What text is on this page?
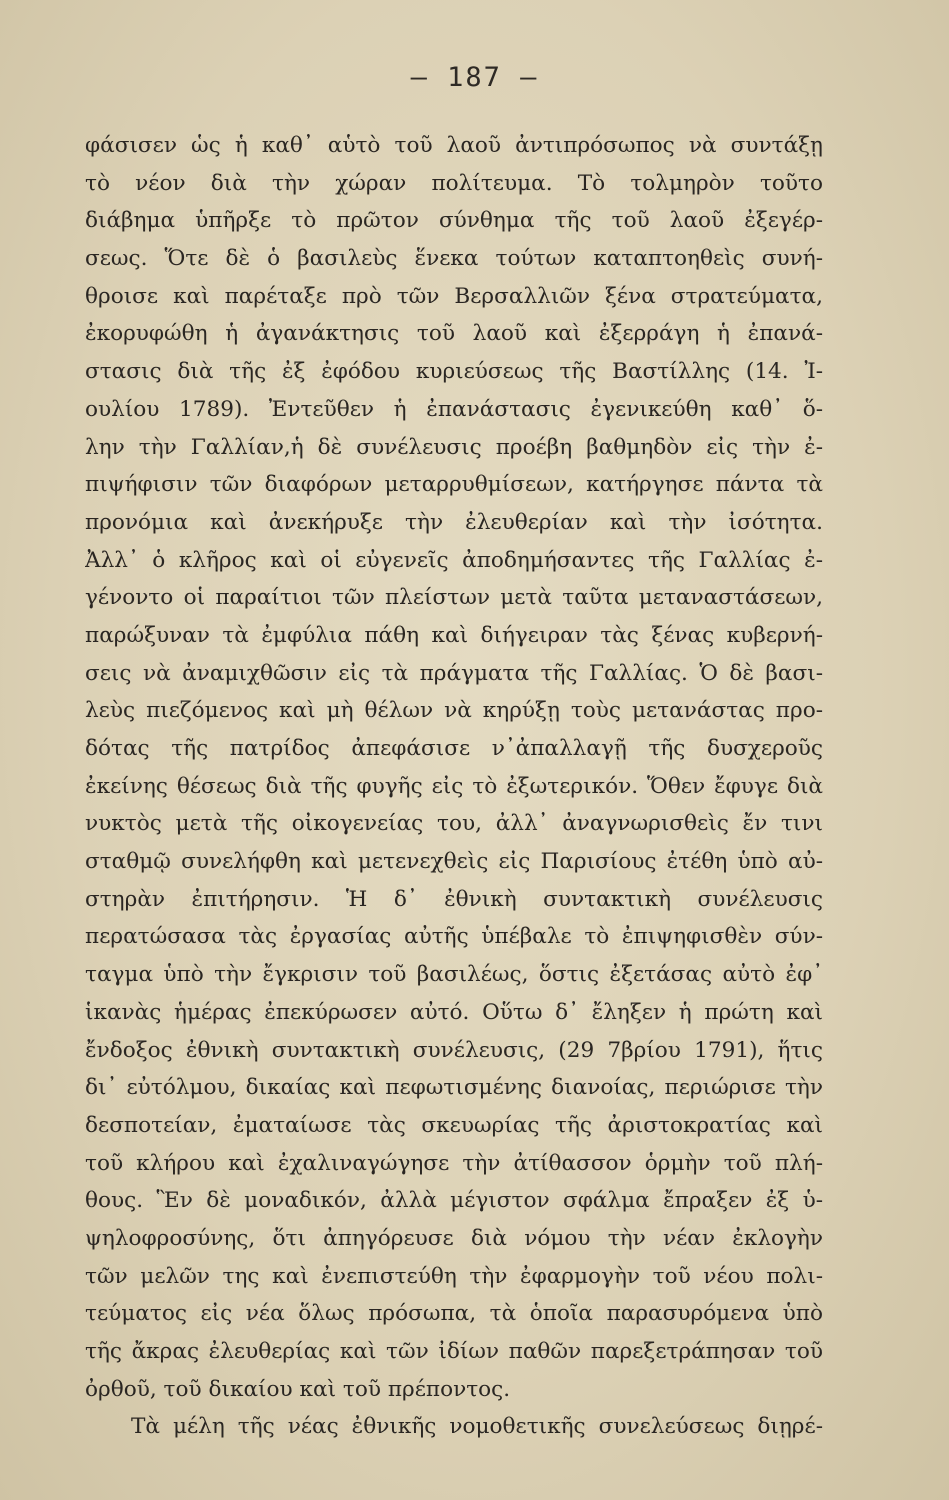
— 187 —
φάσισεν ὡς ἡ καθ᾽ αὑτὸ τοῦ λαοῦ ἀντιπρόσωπος νὰ συντάξῃ
τὸ νέον διὰ τὴν χώραν πολίτευμα. Τὸ τολμηρὸν τοῦτο
διάβημα ὑπῆρξε τὸ πρῶτον σύνθημα τῆς τοῦ λαοῦ ἐξεγέρ-
σεως. Ὅτε δὲ ὁ βασιλεὺς ἕνεκα τούτων καταπτοηθεὶς συνή-
θροισε καὶ παρέταξε πρὸ τῶν Βερσαλλιῶν ξένα στρατεύματα,
ἐκορυφώθη ἡ ἀγανάκτησις τοῦ λαοῦ καὶ ἐξερράγη ἡ ἐπανά-
στασις διὰ τῆς ἐξ ἐφόδου κυριεύσεως τῆς Βαστίλλης (14. Ἰ-
ουλίου 1789). Ἐντεῦθεν ἡ ἐπανάστασις ἐγενικεύθη καθ᾽ ὅ-
λην τὴν Γαλλίαν,ἡ δὲ συνέλευσις προέβη βαθμηδὸν εἰς τὴν ἐ-
πιψήφισιν τῶν διαφόρων μεταρρυθμίσεων, κατήργησε πάντα τὰ
προνόμια καὶ ἀνεκήρυξε τὴν ἐλευθερίαν καὶ τὴν ἰσότητα.
Ἀλλ᾽ ὁ κλῆρος καὶ οἱ εὐγενεῖς ἀποδημήσαντες τῆς Γαλλίας ἐ-
γένοντο οἱ παραίτιοι τῶν πλείστων μετὰ ταῦτα μεταναστάσεων,
παρώξυναν τὰ ἐμφύλια πάθη καὶ διήγειραν τὰς ξένας κυβερνή-
σεις νὰ ἀναμιχθῶσιν εἰς τὰ πράγματα τῆς Γαλλίας. Ὁ δὲ βασι-
λεὺς πιεζόμενος καὶ μὴ θέλων νὰ κηρύξῃ τοὺς μετανάστας προ-
δότας τῆς πατρίδος ἀπεφάσισε ν᾽ἀπαλλαγῇ τῆς δυσχεροῦς
ἐκείνης θέσεως διὰ τῆς φυγῆς εἰς τὸ ἐξωτερικόν. Ὅθεν ἔφυγε διὰ
νυκτὸς μετὰ τῆς οἰκογενείας του, ἀλλ᾽ ἀναγνωρισθεὶς ἔν τινι
σταθμῷ συνελήφθη καὶ μετενεχθεὶς εἰς Παρισίους ἐτέθη ὑπὸ αὐ-
στηρὰν ἐπιτήρησιν. Ἡ δ᾽ ἐθνικὴ συντακτικὴ συνέλευσις
περατώσασα τὰς ἐργασίας αὐτῆς ὑπέβαλε τὸ ἐπιψηφισθὲν σύν-
ταγμα ὑπὸ τὴν ἔγκρισιν τοῦ βασιλέως, ὅστις ἐξετάσας αὐτὸ ἐφ᾽
ἱκανὰς ἡμέρας ἐπεκύρωσεν αὐτό. Οὕτω δ᾽ ἔληξεν ἡ πρώτη καὶ
ἔνδοξος ἐθνικὴ συντακτικὴ συνέλευσις, (29 7βρίου 1791), ἥτις
δι᾽ εὐτόλμου, δικαίας καὶ πεφωτισμένης διανοίας, περιώρισε τὴν
δεσποτείαν, ἐματαίωσε τὰς σκευωρίας τῆς ἀριστοκρατίας καὶ
τοῦ κλήρου καὶ ἐχαλιναγώγησε τὴν ἀτίθασσον ὁρμὴν τοῦ πλή-
θους. Ἓν δὲ μοναδικόν, ἀλλὰ μέγιστον σφάλμα ἔπραξεν ἐξ ὑ-
ψηλοφροσύνης, ὅτι ἀπηγόρευσε διὰ νόμου τὴν νέαν ἐκλογὴν
τῶν μελῶν της καὶ ἐνεπιστεύθη τὴν ἐφαρμογὴν τοῦ νέου πολι-
τεύματος εἰς νέα ὅλως πρόσωπα, τὰ ὁποῖα παρασυρόμενα ὑπὸ
τῆς ἄκρας ἐλευθερίας καὶ τῶν ἰδίων παθῶν παρεξετράπησαν τοῦ
ὀρθοῦ, τοῦ δικαίου καὶ τοῦ πρέποντος.
Τὰ μέλη τῆς νέας ἐθνικῆς νομοθετικῆς συνελεύσεως διῃρέ-
